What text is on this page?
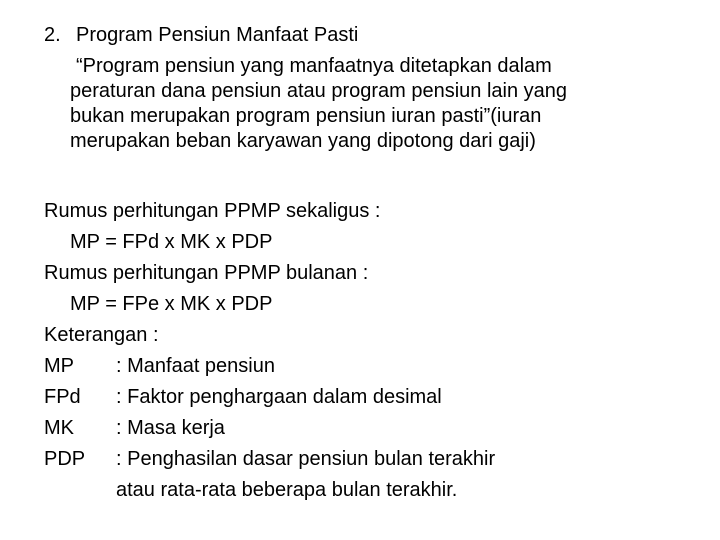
2. Program Pensiun Manfaat Pasti
“Program pensiun yang manfaatnya ditetapkan dalam
peraturan dana pensiun atau program pensiun lain yang
bukan merupakan program pensiun iuran pasti”(iuran
merupakan beban karyawan yang dipotong dari gaji)
Rumus perhitungan PPMP sekaligus :
MP = FPd x MK x PDP
Rumus perhitungan PPMP bulanan :
MP = FPe x MK x PDP
Keterangan :
MP	: Manfaat pensiun
FPd	: Faktor penghargaan dalam desimal
MK	: Masa kerja
PDP	: Penghasilan dasar pensiun bulan terakhir
atau rata-rata beberapa bulan terakhir.
